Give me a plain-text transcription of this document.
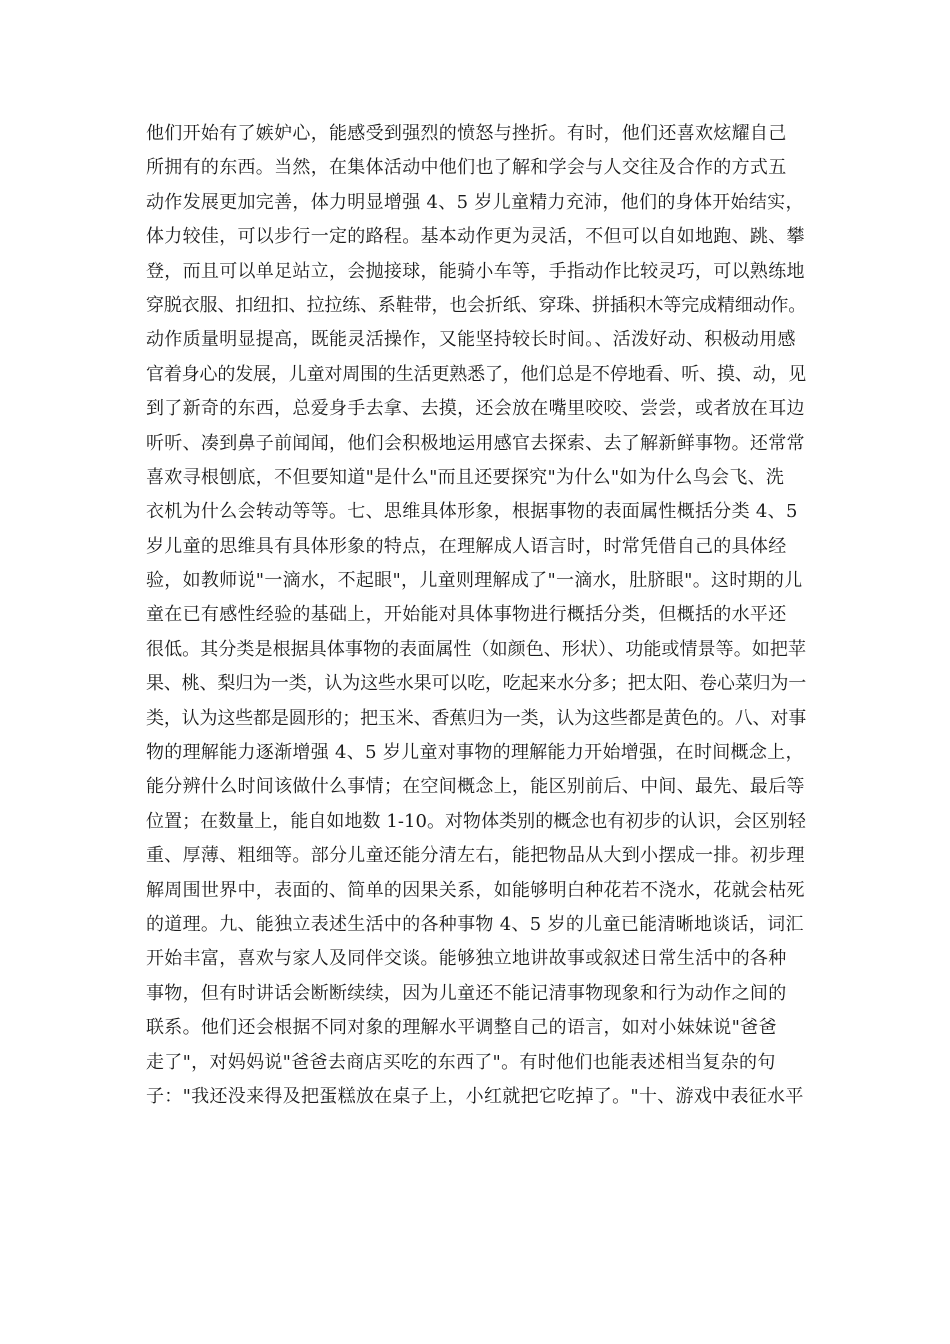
他们开始有了嫉妒心，能感受到强烈的愤怒与挫折。有时，他们还喜欢炫耀自己
所拥有的东西。当然，在集体活动中他们也了解和学会与人交往及合作的方式五
动作发展更加完善，体力明显增强 4、5 岁儿童精力充沛，他们的身体开始结实，
体力较佳，可以步行一定的路程。基本动作更为灵活，不但可以自如地跑、跳、攀
登，而且可以单足站立，会抛接球，能骑小车等，手指动作比较灵巧，可以熟练地
穿脱衣服、扣纽扣、拉拉练、系鞋带，也会折纸、穿珠、拼插积木等完成精细动作。
动作质量明显提高，既能灵活操作，又能坚持较长时间。、活泼好动、积极动用感
官着身心的发展，儿童对周围的生活更熟悉了，他们总是不停地看、听、摸、动，见
到了新奇的东西，总爱身手去拿、去摸，还会放在嘴里咬咬、尝尝，或者放在耳边
听听、凑到鼻子前闻闻，他们会积极地运用感官去探索、去了解新鲜事物。还常常
喜欢寻根刨底，不但要知道"是什么"而且还要探究"为什么"如为什么鸟会飞、洗
衣机为什么会转动等等。七、思维具体形象，根据事物的表面属性概括分类 4、5
岁儿童的思维具有具体形象的特点，在理解成人语言时，时常凭借自己的具体经
验，如教师说"一滴水，不起眼"，儿童则理解成了"一滴水，肚脐眼"。这时期的儿
童在已有感性经验的基础上，开始能对具体事物进行概括分类，但概括的水平还
很低。其分类是根据具体事物的表面属性（如颜色、形状）、功能或情景等。如把苹
果、桃、梨归为一类，认为这些水果可以吃，吃起来水分多；把太阳、卷心菜归为一
类，认为这些都是圆形的；把玉米、香蕉归为一类，认为这些都是黄色的。八、对事
物的理解能力逐渐增强 4、5 岁儿童对事物的理解能力开始增强，在时间概念上，
能分辨什么时间该做什么事情；在空间概念上，能区别前后、中间、最先、最后等
位置；在数量上，能自如地数 1-10。对物体类别的概念也有初步的认识，会区别轻
重、厚薄、粗细等。部分儿童还能分清左右，能把物品从大到小摆成一排。初步理
解周围世界中，表面的、简单的因果关系，如能够明白种花若不浇水，花就会枯死
的道理。九、能独立表述生活中的各种事物 4、5 岁的儿童已能清晰地谈话，词汇
开始丰富，喜欢与家人及同伴交谈。能够独立地讲故事或叙述日常生活中的各种
事物，但有时讲话会断断续续，因为儿童还不能记清事物现象和行为动作之间的
联系。他们还会根据不同对象的理解水平调整自己的语言，如对小妹妹说"爸爸
走了"，对妈妈说"爸爸去商店买吃的东西了"。有时他们也能表述相当复杂的句
子："我还没来得及把蛋糕放在桌子上，小红就把它吃掉了。"十、游戏中表征水平
